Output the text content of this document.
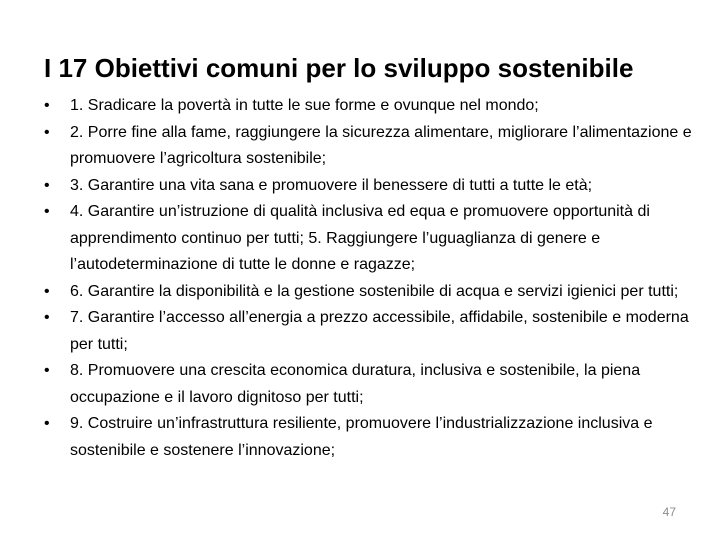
I 17 Obiettivi comuni per lo sviluppo sostenibile
•	1. Sradicare la povertà in tutte le sue forme e ovunque nel mondo;
•	2. Porre fine alla fame, raggiungere la sicurezza alimentare, migliorare l’alimentazione e promuovere l’agricoltura sostenibile;
•	3. Garantire una vita sana e promuovere il benessere di tutti a tutte le età;
•	4. Garantire un’istruzione di qualità inclusiva ed equa e promuovere opportunità di apprendimento continuo per tutti; 5. Raggiungere l’uguaglianza di genere e l’autodeterminazione di tutte le donne e ragazze;
•	6. Garantire la disponibilità e la gestione sostenibile di acqua e servizi igienici per tutti;
•	7. Garantire l’accesso all’energia a prezzo accessibile, affidabile, sostenibile e moderna per tutti;
•	8. Promuovere una crescita economica duratura, inclusiva e sostenibile, la piena occupazione e il lavoro dignitoso per tutti;
•	9. Costruire un’infrastruttura resiliente, promuovere l’industrializzazione inclusiva e sostenibile e sostenere l’innovazione;
47
